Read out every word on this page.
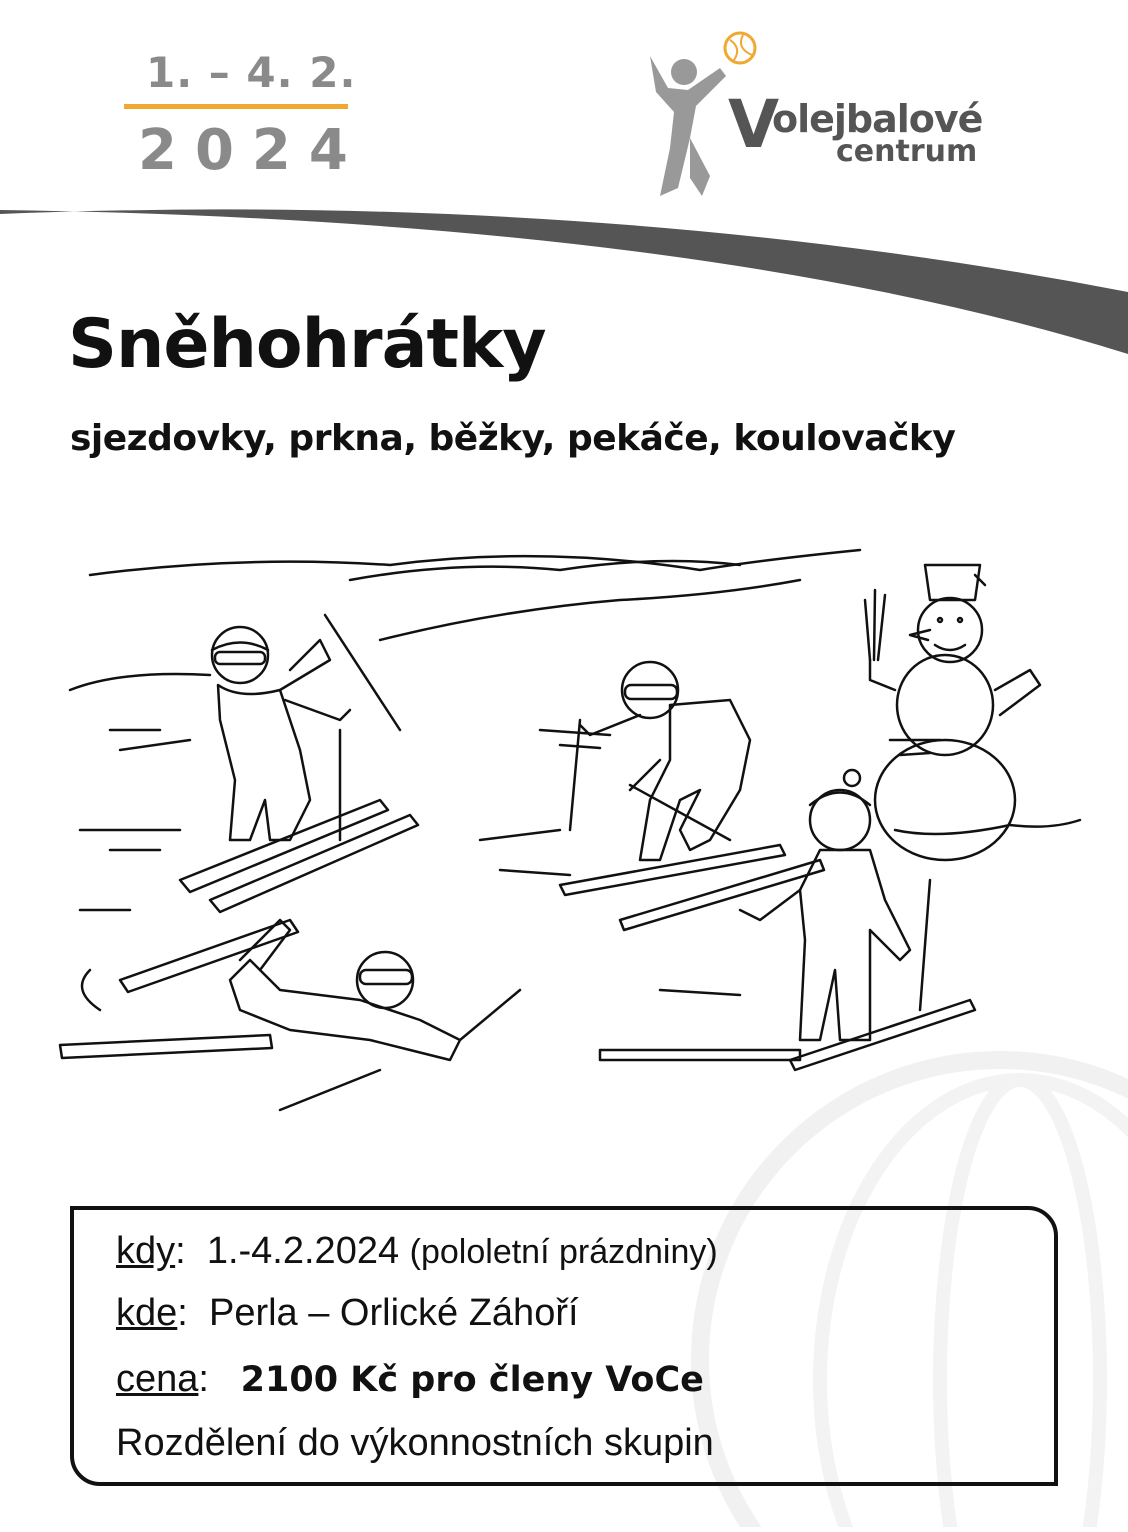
1. – 4. 2.
2024	V
olejbalové
centrum
Sněhohrátky
sjezdovky, prkna, běžky, pekáče, koulovačky
kdy:  1.-4.2.2024 (pololetní prázdniny)
kde:  Perla – Orlické Záhoří
cena:   2100 Kč pro členy VoCe
Rozdělení do výkonnostních skupin
